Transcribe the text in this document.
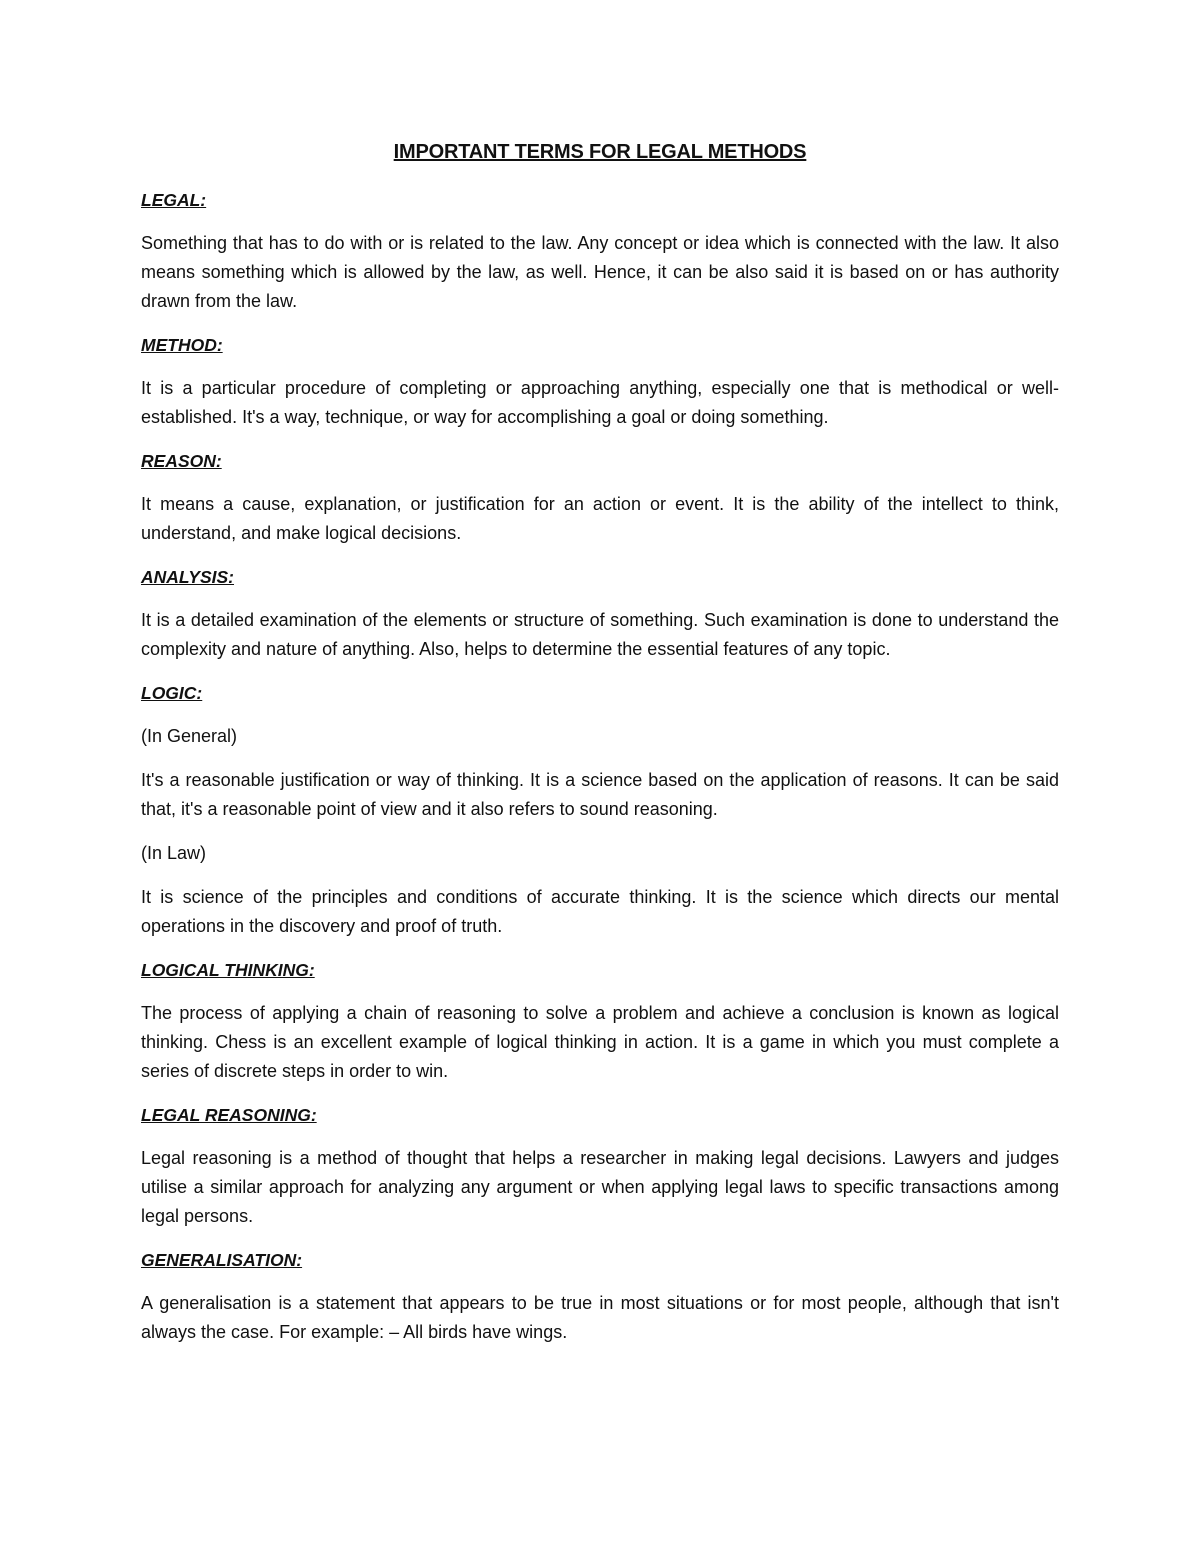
IMPORTANT TERMS FOR LEGAL METHODS

LEGAL:

Something that has to do with or is related to the law. Any concept or idea which is connected with the law. It also means something which is allowed by the law, as well. Hence, it can be also said it is based on or has authority drawn from the law.

METHOD:

It is a particular procedure of completing or approaching anything, especially one that is methodical or well-established. It's a way, technique, or way for accomplishing a goal or doing something.

REASON:

It means a cause, explanation, or justification for an action or event. It is the ability of the intellect to think, understand, and make logical decisions.

ANALYSIS:

It is a detailed examination of the elements or structure of something. Such examination is done to understand the complexity and nature of anything. Also, helps to determine the essential features of any topic.

LOGIC:

(In General)

It's a reasonable justification or way of thinking. It is a science based on the application of reasons. It can be said that, it's a reasonable point of view and it also refers to sound reasoning.

(In Law)

It is science of the principles and conditions of accurate thinking. It is the science which directs our mental operations in the discovery and proof of truth.

LOGICAL THINKING:

The process of applying a chain of reasoning to solve a problem and achieve a conclusion is known as logical thinking. Chess is an excellent example of logical thinking in action. It is a game in which you must complete a series of discrete steps in order to win.

LEGAL REASONING:

Legal reasoning is a method of thought that helps a researcher in making legal decisions. Lawyers and judges utilise a similar approach for analyzing any argument or when applying legal laws to specific transactions among legal persons.

GENERALISATION:

A generalisation is a statement that appears to be true in most situations or for most people, although that isn't always the case. For example: – All birds have wings.
